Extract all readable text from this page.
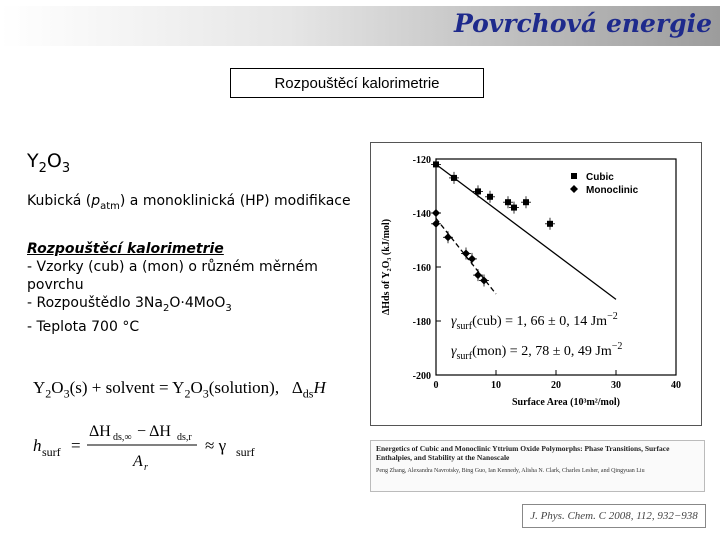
Povrchová energie
Rozpouštěcí kalorimetrie
$Y_2O_3$
Kubická $(p_{atm})$ a monoklinická (HP) modifikace
Rozpouštěcí kalorimetrie
- Vzorky (cub) a (mon) o různém měrném povrchu
- Rozpouštědlo $3Na_2O\cdot 4MoO_3$
- Teplota 700 °C
$Y_2O_3(s)$ + solvent = $Y_2O_3(solution)$, $\Delta_{ds}H$
h surf =
ΔH ds,∞ − ΔH ds,r
A r
≈ γ surf
0	10	20	30	40
-120
-140
-160
-180
-200
Surface Area (10³m²/mol)
ΔHds of Y₂O₃ (kJ/mol)
Cubic
Monoclinic
$\gamma_{surf}(cub) = 1$, 66 ± 0, 14 $Jm^{-2}$
$\gamma_{surf}(mon) = 2$, 78 ± 0, 49 $Jm^{-2}$
Energetics of Cubic and Monoclinic Yttrium Oxide Polymorphs: Phase Transitions, Surface Enthalpies, and Stability at the Nanoscale
Peng Zhang, Alexandra Navrotsky, Bing Guo, Ian Kennedy, Alisha N. Clark, Charles Lesher, and Qingyuan Liu
J. Phys. Chem. C 2008, 112, 932−938
